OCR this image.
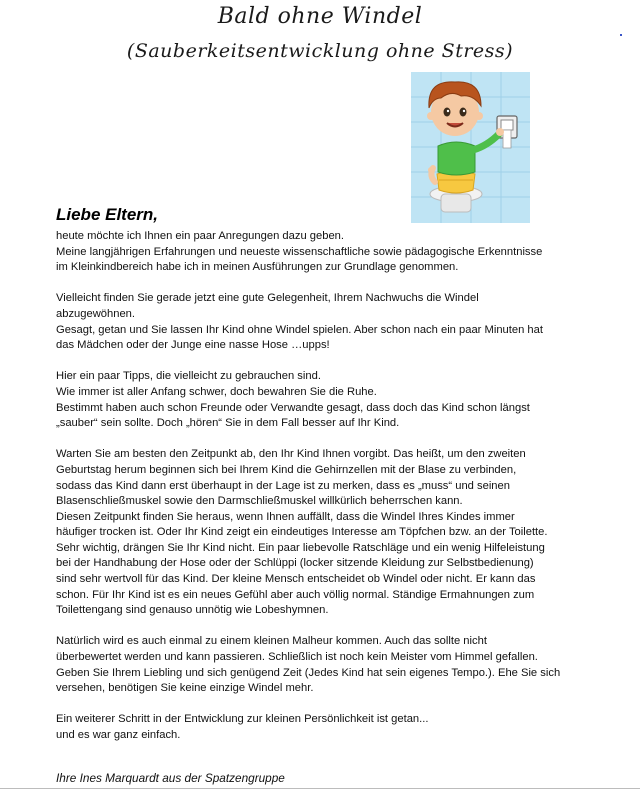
Bald ohne Windel
(Sauberkeitsentwicklung ohne Stress)
Liebe Eltern,

heute möchte ich Ihnen ein paar Anregungen dazu geben.
Meine langjährigen Erfahrungen und neueste wissenschaftliche sowie pädagogische Erkenntnisse
im Kleinkindbereich habe ich in meinen Ausführungen zur Grundlage genommen.

Vielleicht finden Sie gerade jetzt eine gute Gelegenheit, Ihrem Nachwuchs die Windel
abzugewöhnen.
Gesagt, getan und Sie lassen Ihr Kind ohne Windel spielen. Aber schon nach ein paar Minuten hat
das Mädchen oder der Junge eine nasse Hose …upps!

Hier ein paar Tipps, die vielleicht zu gebrauchen sind.
Wie immer ist aller Anfang schwer, doch bewahren Sie die Ruhe.
Bestimmt haben auch schon Freunde oder Verwandte gesagt, dass doch das Kind schon längst
„sauber“ sein sollte. Doch „hören“ Sie in dem Fall besser auf Ihr Kind.

Warten Sie am besten den Zeitpunkt ab, den Ihr Kind Ihnen vorgibt. Das heißt, um den zweiten
Geburtstag herum beginnen sich bei Ihrem Kind die Gehirnzellen mit der Blase zu verbinden,
sodass das Kind dann erst überhaupt in der Lage ist zu merken, dass es „muss“ und seinen
Blasenschließmuskel sowie den Darmschließmuskel willkürlich beherrschen kann.
Diesen Zeitpunkt finden Sie heraus, wenn Ihnen auffällt, dass die Windel Ihres Kindes immer
häufiger trocken ist. Oder Ihr Kind zeigt ein eindeutiges Interesse am Töpfchen bzw. an der Toilette.
Sehr wichtig, drängen Sie Ihr Kind nicht. Ein paar liebevolle Ratschläge und ein wenig Hilfeleistung
bei der Handhabung der Hose oder der Schlüppi (locker sitzende Kleidung zur Selbstbedienung)
sind sehr wertvoll für das Kind. Der kleine Mensch entscheidet ob Windel oder nicht. Er kann das
schon. Für Ihr Kind ist es ein neues Gefühl aber auch völlig normal. Ständige Ermahnungen zum
Toilettengang sind genauso unnötig wie Lobeshymnen.

Natürlich wird es auch einmal zu einem kleinen Malheur kommen. Auch das sollte nicht
überbewertet werden und kann passieren. Schließlich ist noch kein Meister vom Himmel gefallen.
Geben Sie Ihrem Liebling und sich genügend Zeit (Jedes Kind hat sein eigenes Tempo.). Ehe Sie sich
versehen, benötigen Sie keine einzige Windel mehr.

Ein weiterer Schritt in der Entwicklung zur kleinen Persönlichkeit ist getan...
und es war ganz einfach.

Ihre Ines Marquardt aus der Spatzengruppe
